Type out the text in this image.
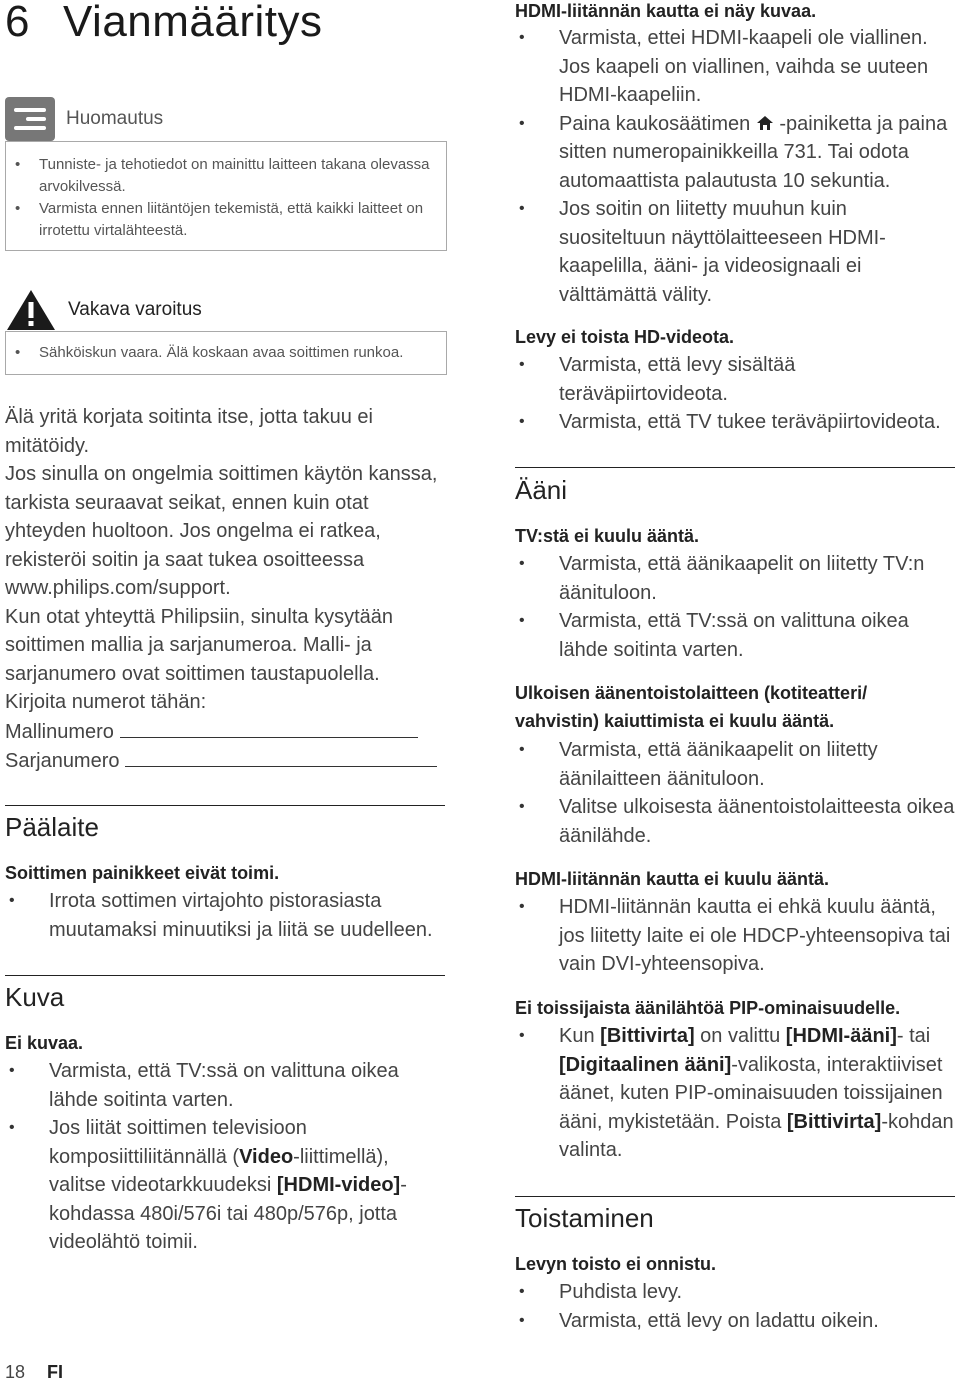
6 Vianmääritys
Huomautus
• Tunniste- ja tehotiedot on mainittu laitteen takana olevassa arvokilvessä.
• Varmista ennen liitäntöjen tekemistä, että kaikki laitteet on irrotettu virtalähteestä.
Vakava varoitus
• Sähköiskun vaara. Älä koskaan avaa soittimen runkoa.

Älä yritä korjata soitinta itse, jotta takuu ei mitätöidy.

Jos sinulla on ongelmia soittimen käytön kanssa, tarkista seuraavat seikat, ennen kuin otat yhteyden huoltoon. Jos ongelma ei ratkea, rekisteröi soitin ja saat tukea osoitteessa www.philips.com/support.

Kun otat yhteyttä Philipsiin, sinulta kysytään soittimen mallia ja sarjanumeroa. Malli- ja sarjanumero ovat soittimen taustapuolella. Kirjoita numerot tähän:

Mallinumero

Sarjanumero

Päälaite

Soittimen painikkeet eivät toimi.

• Irrota sottimen virtajohto pistorasiasta muutamaksi minuutiksi ja liitä se uudelleen.
Kuva

Ei kuvaa.

• Varmista, että TV:ssä on valittuna oikea lähde soitinta varten.
• Jos liität soittimen televisioon komposiittiliitännällä (Video-liittimellä), valitse videotarkkuudeksi [HDMI-video]-kohdassa 480i/576i tai 480p/576p, jotta videolähtö toimii.

HDMI-liitännän kautta ei näy kuvaa.

• Varmista, ettei HDMI-kaapeli ole viallinen. Jos kaapeli on viallinen, vaihda se uuteen HDMI-kaapeliin.
• Paina kaukosäätimen  -painiketta ja paina sitten numeropainikkeilla 731. Tai odota automaattista palautusta 10 sekuntia.
• Jos soitin on liitetty muuhun kuin suositeltuun näyttölaitteeseen HDMI-kaapelilla, ääni- ja videosignaali ei välttämättä välity.

Levy ei toista HD-videota.

• Varmista, että levy sisältää teräväpiirtovideota.
• Varmista, että TV tukee teräväpiirtovideota.
Ääni

TV:stä ei kuulu ääntä.

• Varmista, että äänikaapelit on liitetty TV:n äänituloon.
• Varmista, että TV:ssä on valittuna oikea lähde soitinta varten.

Ulkoisen äänentoistolaitteen (kotiteatteri/ vahvistin) kaiuttimista ei kuulu ääntä.

• Varmista, että äänikaapelit on liitetty äänilaitteen äänituloon.
• Valitse ulkoisesta äänentoistolaitteesta oikea äänilähde.

HDMI-liitännän kautta ei kuulu ääntä.

• HDMI-liitännän kautta ei ehkä kuulu ääntä, jos liitetty laite ei ole HDCP-yhteensopiva tai vain DVI-yhteensopiva.

Ei toissijaista äänilähtöä PIP-ominaisuudelle.

• Kun [Bittivirta] on valittu [HDMI-ääni]- tai [Digitaalinen ääni]-valikosta, interaktiiviset äänet, kuten PIP-ominaisuuden toissijainen ääni, mykistetään. Poista [Bittivirta]-kohdan valinta.
Toistaminen

Levyn toisto ei onnistu.

• Puhdista levy.
• Varmista, että levy on ladattu oikein.
18 FI
